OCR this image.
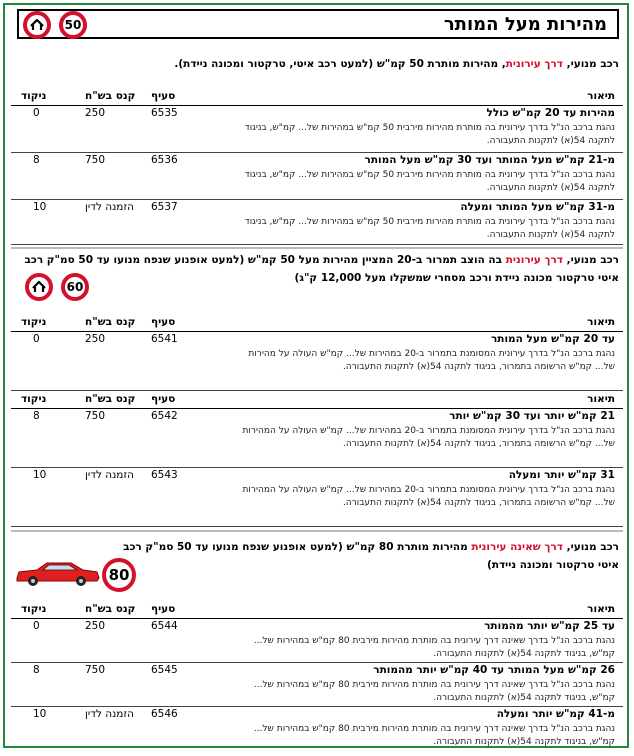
מהירות מעל המותר
50
רכב מנועי, דרך עירונית, מהירות מותרת 50 קמ"ש (למעט רכב איטי, טרקטור ומכונה ניידת).
תיאור
סעיף
קנס בש"ח
ניקוד
מהירות עד 20 קמ"ש כולל
נהגת ברכב הנ"ל בדרך עירונית בה מותרת מהירות מירבית 50 קמ"ש במהירות של... קמ"ש, בניגוד לתקנה 54(א) לתקנות התעבורה.
6535
250
0
מ-21 קמ"ש מעל המותר ועד 30 קמ"ש מעל המותר
נהגת ברכב הנ"ל בדרך עירונית בה מותרת מהירות מירבית 50 קמ"ש במהירות של... קמ"ש, בניגוד לתקנה 54(א) לתקנות התעבורה.
6536
750
8
מ-31 קמ"ש מעל המותר ומעלה
נהגת ברכב הנ"ל בדרך עירונית בה מותרת מהירות מירבית 50 קמ"ש במהירות של... קמ"ש, בניגוד לתקנה 54(א) לתקנות התעבורה.
6537
הזמנה לדין
10
רכב מנועי, דרך עירונית בה הוצב תמרור ב-20 המציין מהירות מעל 50 קמ"ש (למעט אופנוע שנפח מנועו עד 50 סמ"ק רכב איטי טרקטור מכונה ניידת ורכב מסחרי שמשקלו מעל 12,000 ק"ג)
60
תיאור
סעיף
קנס בש"ח
ניקוד
עד 20 קמ"ש מעל המותר
נהגת ברכב הנ"ל בדרך עירונית המסומנת בתמרור ב-20 במהירות של... קמ"ש העולה על מהירות של... קמ"ש הרשומה בתמרור, בניגוד לתקנה 54(א) לתקנות התעבורה.
6541
250
0
תיאור
סעיף
קנס בש"ח
ניקוד
21 קמ"ש יותר ועד 30 קמ"ש יותר
נהגת ברכב הנ"ל בדרך עירונית המסומנת בתמרור ב-20 במהירות של... קמ"ש העולה על המהירות של... קמ"ש הרשומה בתמרור, בניגוד לתקנה 54(א) לתקנות התעבורה.
6542
750
8
31 קמ"ש יותר ומעלה
נהגת ברכב הנ"ל בדרך עירונית המסומנת בתמרור ב-20 במהירות של... קמ"ש העולה על המהירות של... קמ"ש הרשומה בתמרור, בניגוד לתקנה 54(א) לתקנות התעבורה.
6543
הזמנה לדין
10
רכב מנועי, דרך שאינה עירונית מהירות מותרת 80 קמ"ש (למעט אופנוע שנפח מנועו עד 50 סמ"ק רכב איטי טרקטור ומכונה ניידת)
80
תיאור
סעיף
קנס בש"ח
ניקוד
עד 25 קמ"ש יותר מהמותר
נהגת ברכב הנ"ל בדרך שאינה דרך עירונית בה מותרת מהירות מירבית 80 קמ"ש במהירות של... קמ"ש, בניגוד לתקנה 54(א) לתקנות התעבורה.
6544
250
0
26 קמ"ש מעל המותר עד 40 קמ"ש יותר מהמותר
נהגת ברכב הנ"ל בדרך שאינה דרך עירונית בה מותרת מהירות מירבית 80 קמ"ש במהירות של... קמ"ש, בניגוד לתקנה 54(א) לתקנות התעבורה.
6545
750
8
מ-41 קמ"ש יותר ומעלה
נהגת ברכב הנ"ל בדרך שאינה דרך עירונית בה מותרת מהירות מירבית 80 קמ"ש במהירות של... קמ"ש, בניגוד לתקנה 54(א) לתקנות התעבורה.
6546
הזמנה לדין
10
